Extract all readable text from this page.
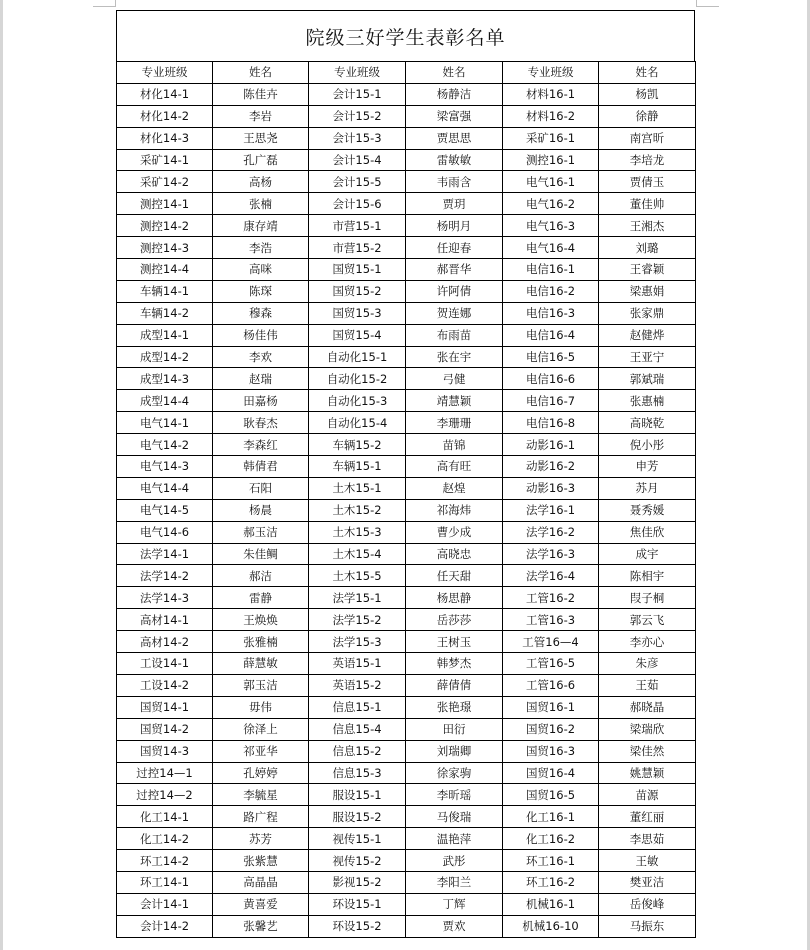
院级三好学生表彰名单
专业班级	姓名	专业班级	姓名	专业班级	姓名
材化14-1	陈佳卉	会计15-1	杨静洁	材料16-1	杨凯
材化14-2	李岩	会计15-2	梁富强	材料16-2	徐静
材化14-3	王思尧	会计15-3	贾思思	采矿16-1	南宫昕
采矿14-1	孔广磊	会计15-4	雷敏敏	测控16-1	李培龙
采矿14-2	高杨	会计15-5	韦雨含	电气16-1	贾倩玉
测控14-1	张楠	会计15-6	贾玥	电气16-2	董佳帅
测控14-2	康存靖	市营15-1	杨明月	电气16-3	王湘杰
测控14-3	李浩	市营15-2	任迎春	电气16-4	刘璐
测控14-4	高咪	国贸15-1	郝晋华	电信16-1	王睿颖
车辆14-1	陈琛	国贸15-2	许阿倩	电信16-2	梁惠娟
车辆14-2	穆森	国贸15-3	贺连娜	电信16-3	张家鼎
成型14-1	杨佳伟	国贸15-4	布雨苗	电信16-4	赵健烨
成型14-2	李欢	自动化15-1	张在宇	电信16-5	王亚宁
成型14-3	赵瑞	自动化15-2	弓健	电信16-6	郭斌瑞
成型14-4	田嘉杨	自动化15-3	靖慧颖	电信16-7	张惠楠
电气14-1	耿春杰	自动化15-4	李珊珊	电信16-8	高晓乾
电气14-2	李森红	车辆15-2	苗锦	动影16-1	倪小彤
电气14-3	韩倩君	车辆15-1	高有旺	动影16-2	申芳
电气14-4	石阳	土木15-1	赵煌	动影16-3	苏月
电气14-5	杨晨	土木15-2	祁海炜	法学16-1	聂秀媛
电气14-6	郝玉洁	土木15-3	曹少成	法学16-2	焦佳欣
法学14-1	朱佳鲷	土木15-4	高晓忠	法学16-3	成宇
法学14-2	郝洁	土木15-5	任天甜	法学16-4	陈相宇
法学14-3	雷静	法学15-1	杨思静	工管16-2	叚子桐
高材14-1	王焕焕	法学15-2	岳莎莎	工管16-3	郭云飞
高材14-2	张雅楠	法学15-3	王树玉	工管16—4	李亦心
工设14-1	薛慧敏	英语15-1	韩梦杰	工管16-5	朱彦
工设14-2	郭玉洁	英语15-2	薛倩倩	工管16-6	王茹
国贸14-1	毋伟	信息15-1	张艳璟	国贸16-1	郝晓晶
国贸14-2	徐泽上	信息15-4	田衍	国贸16-2	梁瑞欣
国贸14-3	祁亚华	信息15-2	刘瑞卿	国贸16-3	梁佳然
过控14—1	孔婷婷	信息15-3	徐家驹	国贸16-4	姚慧颖
过控14—2	李毓星	服设15-1	李昕瑶	国贸16-5	苗源
化工14-1	路广程	服设15-2	马俊瑞	化工16-1	董红丽
化工14-2	苏芳	视传15-1	温艳萍	化工16-2	李思茹
环工14-2	张紫慧	视传15-2	武彤	环工16-1	王敏
环工14-1	高晶晶	影视15-2	李阳兰	环工16-2	樊亚洁
会计14-1	黄喜爱	环设15-1	丁辉	机械16-1	岳俊峰
会计14-2	张馨艺	环设15-2	贾欢	机械16-10	马振东
